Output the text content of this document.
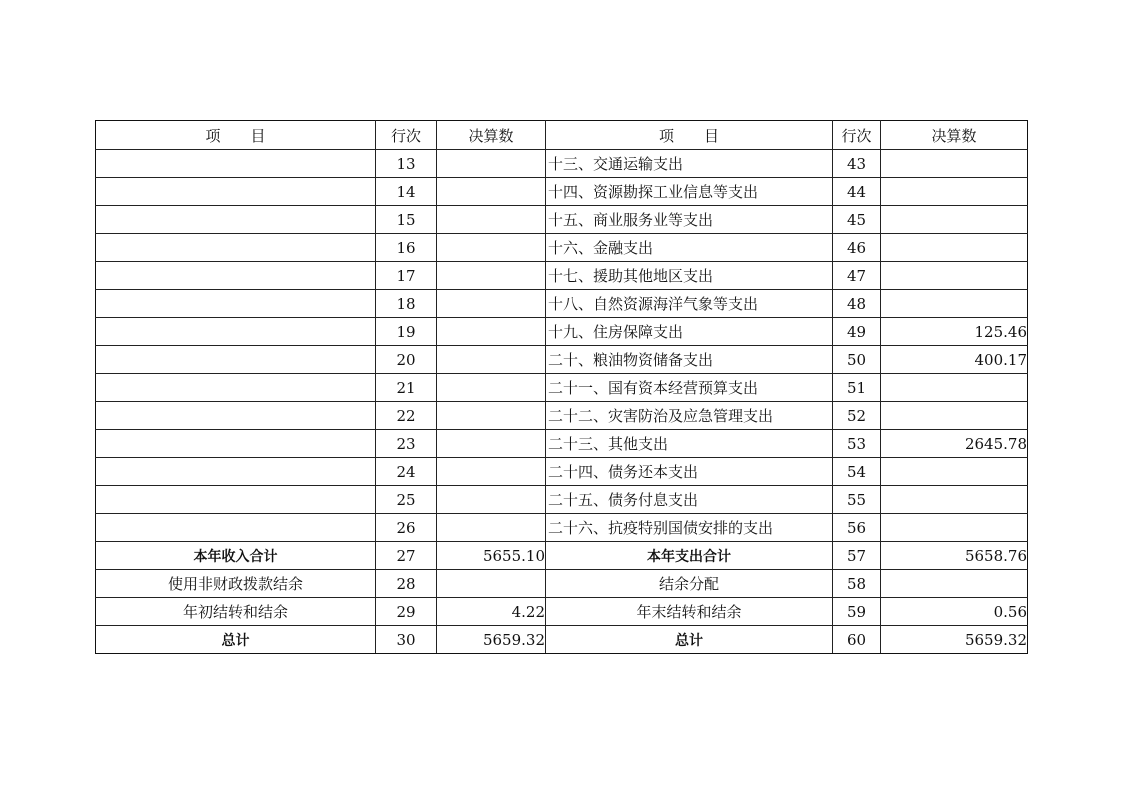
项　　目	行次	决算数	项　　目	行次	决算数
	13		十三、交通运输支出	43	
	14		十四、资源勘探工业信息等支出	44	
	15		十五、商业服务业等支出	45	
	16		十六、金融支出	46	
	17		十七、援助其他地区支出	47	
	18		十八、自然资源海洋气象等支出	48	
	19		十九、住房保障支出	49	125.46
	20		二十、粮油物资储备支出	50	400.17
	21		二十一、国有资本经营预算支出	51	
	22		二十二、灾害防治及应急管理支出	52	
	23		二十三、其他支出	53	2645.78
	24		二十四、债务还本支出	54	
	25		二十五、债务付息支出	55	
	26		二十六、抗疫特别国债安排的支出	56	
本年收入合计	27	5655.10	本年支出合计	57	5658.76
使用非财政拨款结余	28		结余分配	58	
年初结转和结余	29	4.22	年末结转和结余	59	0.56
总计	30	5659.32	总计	60	5659.32
